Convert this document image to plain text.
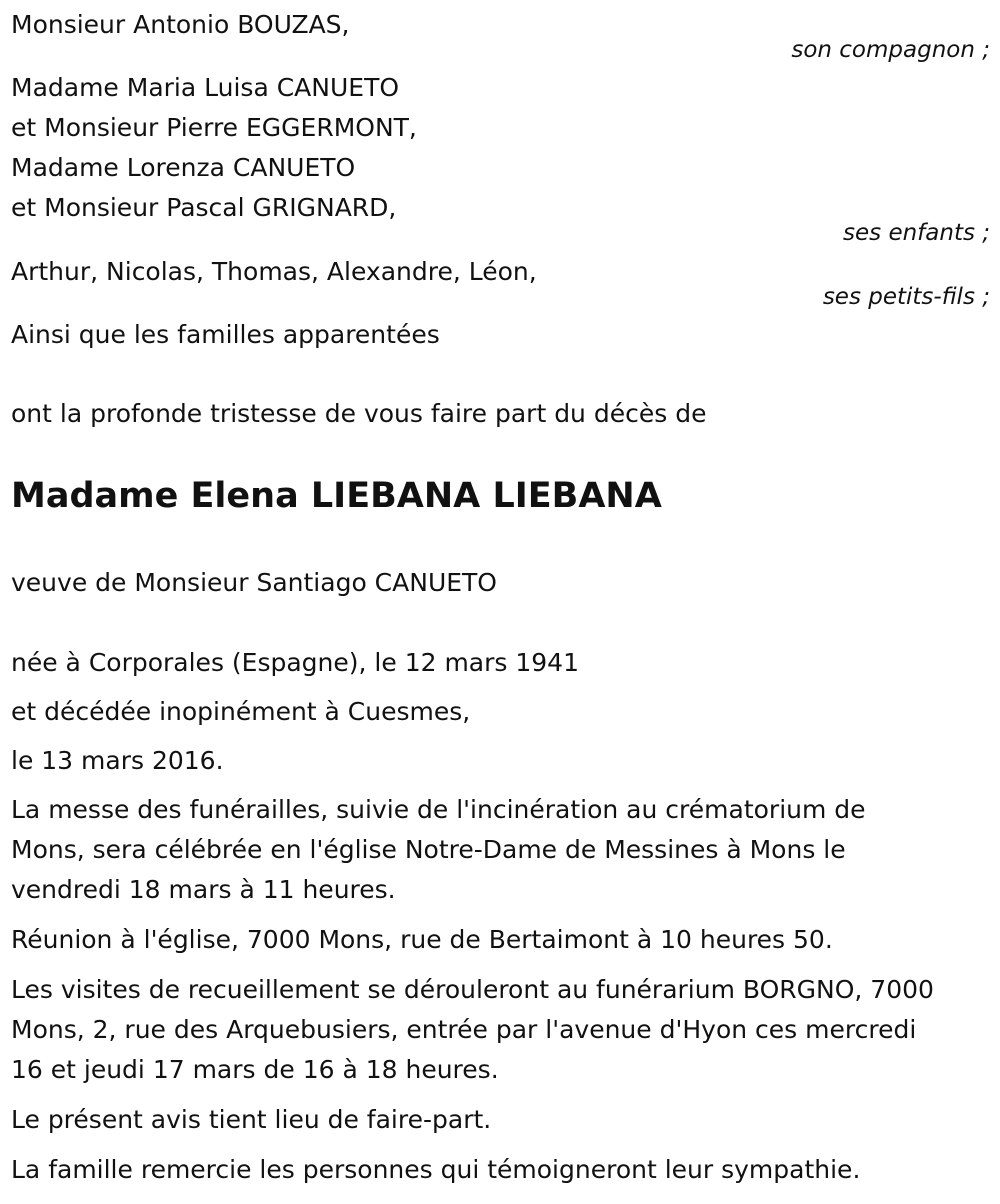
Monsieur Antonio BOUZAS,
son compagnon ;
Madame Maria Luisa CANUETO
et Monsieur Pierre EGGERMONT,
Madame Lorenza CANUETO
et Monsieur Pascal GRIGNARD,
ses enfants ;
Arthur, Nicolas, Thomas, Alexandre, Léon,
ses petits-fils ;
Ainsi que les familles apparentées
ont la profonde tristesse de vous faire part du décès de
Madame Elena LIEBANA LIEBANA
veuve de Monsieur Santiago CANUETO
née à Corporales (Espagne), le 12 mars 1941
et décédée inopinément à Cuesmes,
le 13 mars 2016.
La messe des funérailles, suivie de l'incinération au crématorium de
Mons, sera célébrée en l'église Notre-Dame de Messines à Mons le
vendredi 18 mars à 11 heures.
Réunion à l'église, 7000 Mons, rue de Bertaimont à 10 heures 50.
Les visites de recueillement se dérouleront au funérarium BORGNO, 7000
Mons, 2, rue des Arquebusiers, entrée par l'avenue d'Hyon ces mercredi
16 et jeudi 17 mars de 16 à 18 heures.
Le présent avis tient lieu de faire-part.
La famille remercie les personnes qui témoigneront leur sympathie.
